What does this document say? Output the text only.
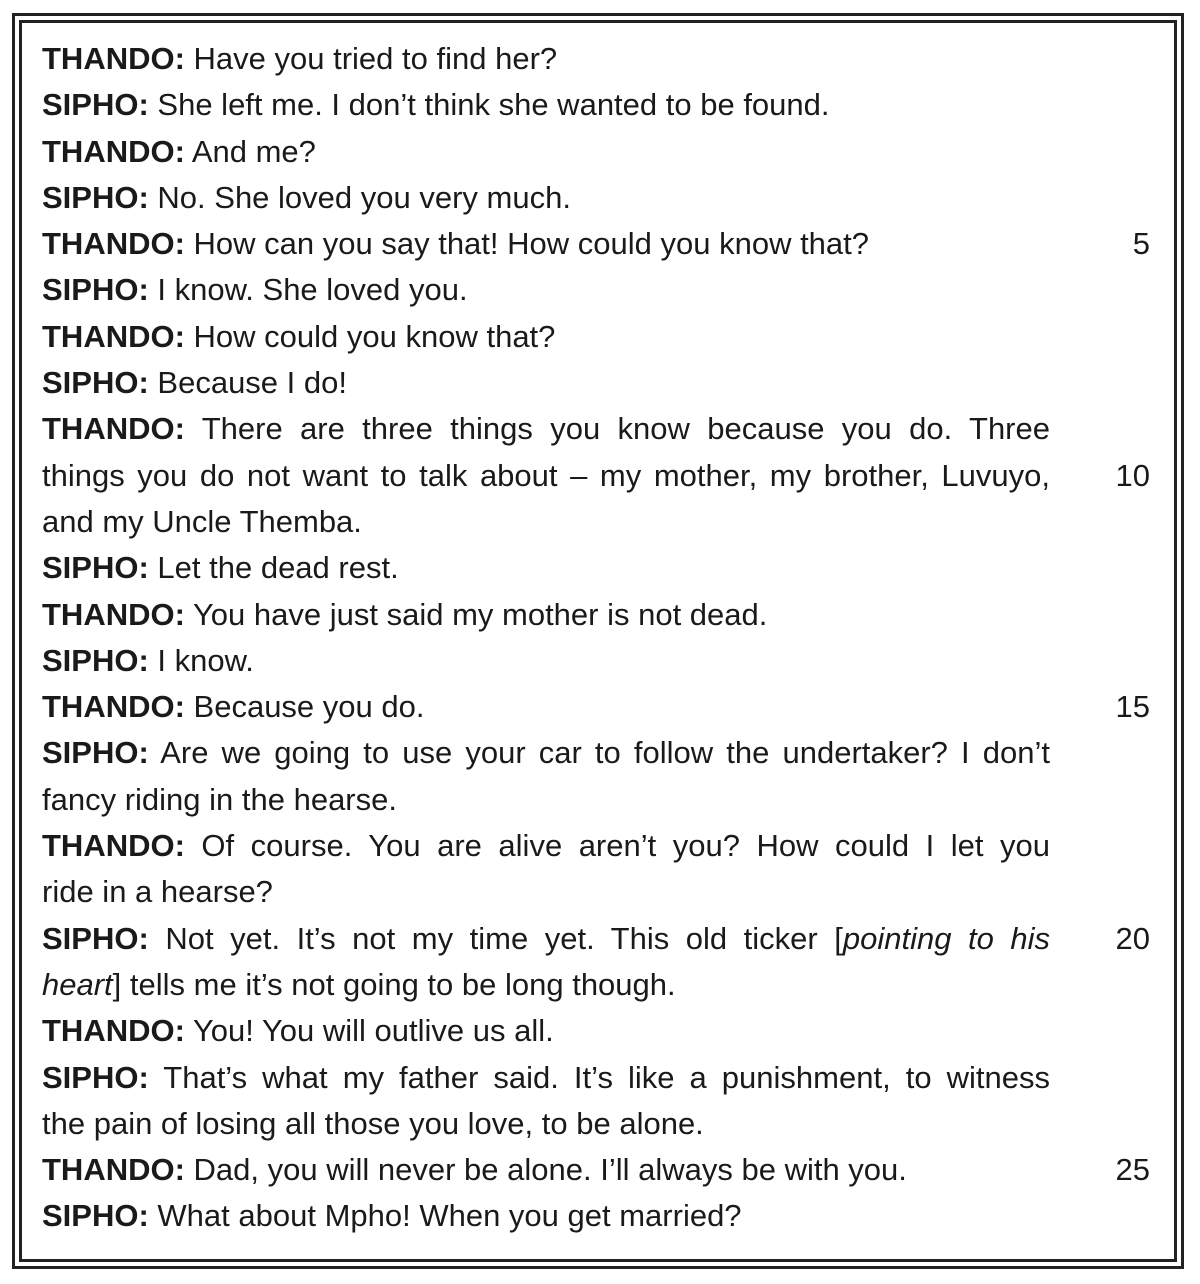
THANDO: Have you tried to find her?
SIPHO: She left me. I don’t think she wanted to be found.
THANDO: And me?
SIPHO: No. She loved you very much.
THANDO: How can you say that! How could you know that?	5
SIPHO: I know. She loved you.
THANDO: How could you know that?
SIPHO: Because I do!
THANDO: There are three things you know because you do. Three
things you do not want to talk about – my mother, my brother, Luvuyo, 10
and my Uncle Themba.
SIPHO: Let the dead rest.
THANDO: You have just said my mother is not dead.
SIPHO: I know.
THANDO: Because you do.	15
SIPHO: Are we going to use your car to follow the undertaker? I don’t
fancy riding in the hearse.
THANDO: Of course. You are alive aren’t you? How could I let you
ride in a hearse?
SIPHO: Not yet. It’s not my time yet. This old ticker [pointing to his 20
heart] tells me it’s not going to be long though.
THANDO: You! You will outlive us all.
SIPHO: That’s what my father said. It’s like a punishment, to witness
the pain of losing all those you love, to be alone.
THANDO: Dad, you will never be alone. I’ll always be with you.	25
SIPHO: What about Mpho! When you get married?
